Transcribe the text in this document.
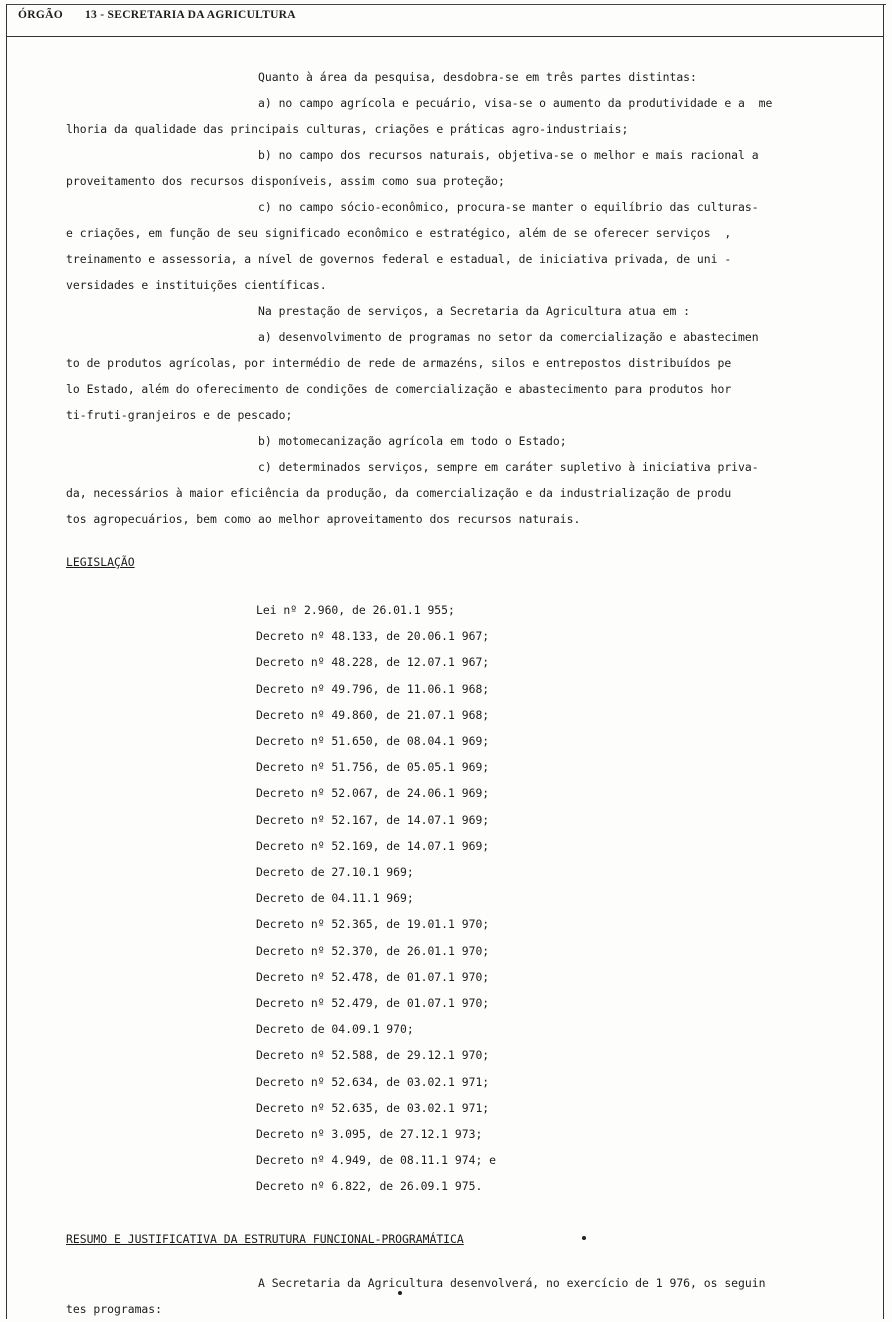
ÓRGÃO 13 - SECRETARIA DA AGRICULTURA
Quanto à área da pesquisa, desdobra-se em três partes distintas:
a) no campo agrícola e pecuário, visa-se o aumento da produtividade e a  me
lhoria da qualidade das principais culturas, criações e práticas agro-industriais;
b) no campo dos recursos naturais, objetiva-se o melhor e mais racional a
proveitamento dos recursos disponíveis, assim como sua proteção;
c) no campo sócio-econômico, procura-se manter o equilíbrio das culturas-
e criações, em função de seu significado econômico e estratégico, além de se oferecer serviços  ,
treinamento e assessoria, a nível de governos federal e estadual, de iniciativa privada, de uni -
versidades e instituições científicas.
Na prestação de serviços, a Secretaria da Agricultura atua em :
a) desenvolvimento de programas no setor da comercialização e abastecimen
to de produtos agrícolas, por intermédio de rede de armazéns, silos e entrepostos distribuídos pe
lo Estado, além do oferecimento de condições de comercialização e abastecimento para produtos hor
ti-fruti-granjeiros e de pescado;
b) motomecanização agrícola em todo o Estado;
c) determinados serviços, sempre em caráter supletivo à iniciativa priva-
da, necessários à maior eficiência da produção, da comercialização e da industrialização de produ
tos agropecuários, bem como ao melhor aproveitamento dos recursos naturais.
LEGISLAÇÃO
Lei nº 2.960, de 26.01.1 955;
Decreto nº 48.133, de 20.06.1 967;
Decreto nº 48.228, de 12.07.1 967;
Decreto nº 49.796, de 11.06.1 968;
Decreto nº 49.860, de 21.07.1 968;
Decreto nº 51.650, de 08.04.1 969;
Decreto nº 51.756, de 05.05.1 969;
Decreto nº 52.067, de 24.06.1 969;
Decreto nº 52.167, de 14.07.1 969;
Decreto nº 52.169, de 14.07.1 969;
Decreto de 27.10.1 969;
Decreto de 04.11.1 969;
Decreto nº 52.365, de 19.01.1 970;
Decreto nº 52.370, de 26.01.1 970;
Decreto nº 52.478, de 01.07.1 970;
Decreto nº 52.479, de 01.07.1 970;
Decreto de 04.09.1 970;
Decreto nº 52.588, de 29.12.1 970;
Decreto nº 52.634, de 03.02.1 971;
Decreto nº 52.635, de 03.02.1 971;
Decreto nº 3.095, de 27.12.1 973;
Decreto nº 4.949, de 08.11.1 974; e
Decreto nº 6.822, de 26.09.1 975.
RESUMO E JUSTIFICATIVA DA ESTRUTURA FUNCIONAL-PROGRAMÁTICA
A Secretaria da Agricultura desenvolverá, no exercício de 1 976, os seguin
tes programas:
